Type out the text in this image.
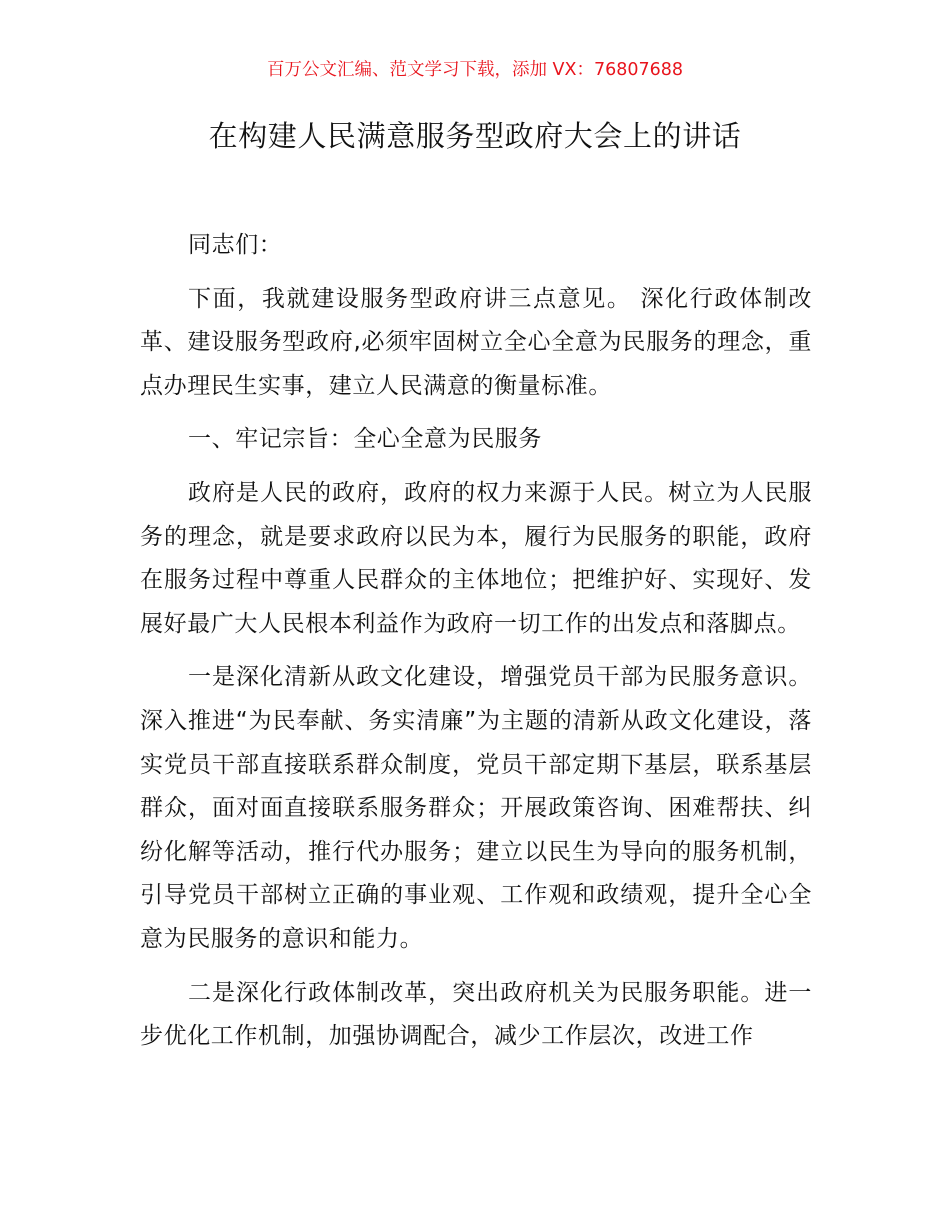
百万公文汇编、范文学习下载，添加 VX：76807688
在构建人民满意服务型政府大会上的讲话

同志们：

下面，我就建设服务型政府讲三点意见。 深化行政体制改革、建设服务型政府,必须牢固树立全心全意为民服务的理念，重点办理民生实事，建立人民满意的衡量标准。

一、牢记宗旨：全心全意为民服务

政府是人民的政府，政府的权力来源于人民。树立为人民服务的理念，就是要求政府以民为本，履行为民服务的职能，政府在服务过程中尊重人民群众的主体地位；把维护好、实现好、发展好最广大人民根本利益作为政府一切工作的出发点和落脚点。

一是深化清新从政文化建设，增强党员干部为民服务意识。深入推进“为民奉献、务实清廉”为主题的清新从政文化建设，落实党员干部直接联系群众制度，党员干部定期下基层，联系基层群众，面对面直接联系服务群众；开展政策咨询、困难帮扶、纠纷化解等活动，推行代办服务；建立以民生为导向的服务机制，引导党员干部树立正确的事业观、工作观和政绩观，提升全心全意为民服务的意识和能力。

二是深化行政体制改革，突出政府机关为民服务职能。进一步优化工作机制，加强协调配合，减少工作层次，改进工作
